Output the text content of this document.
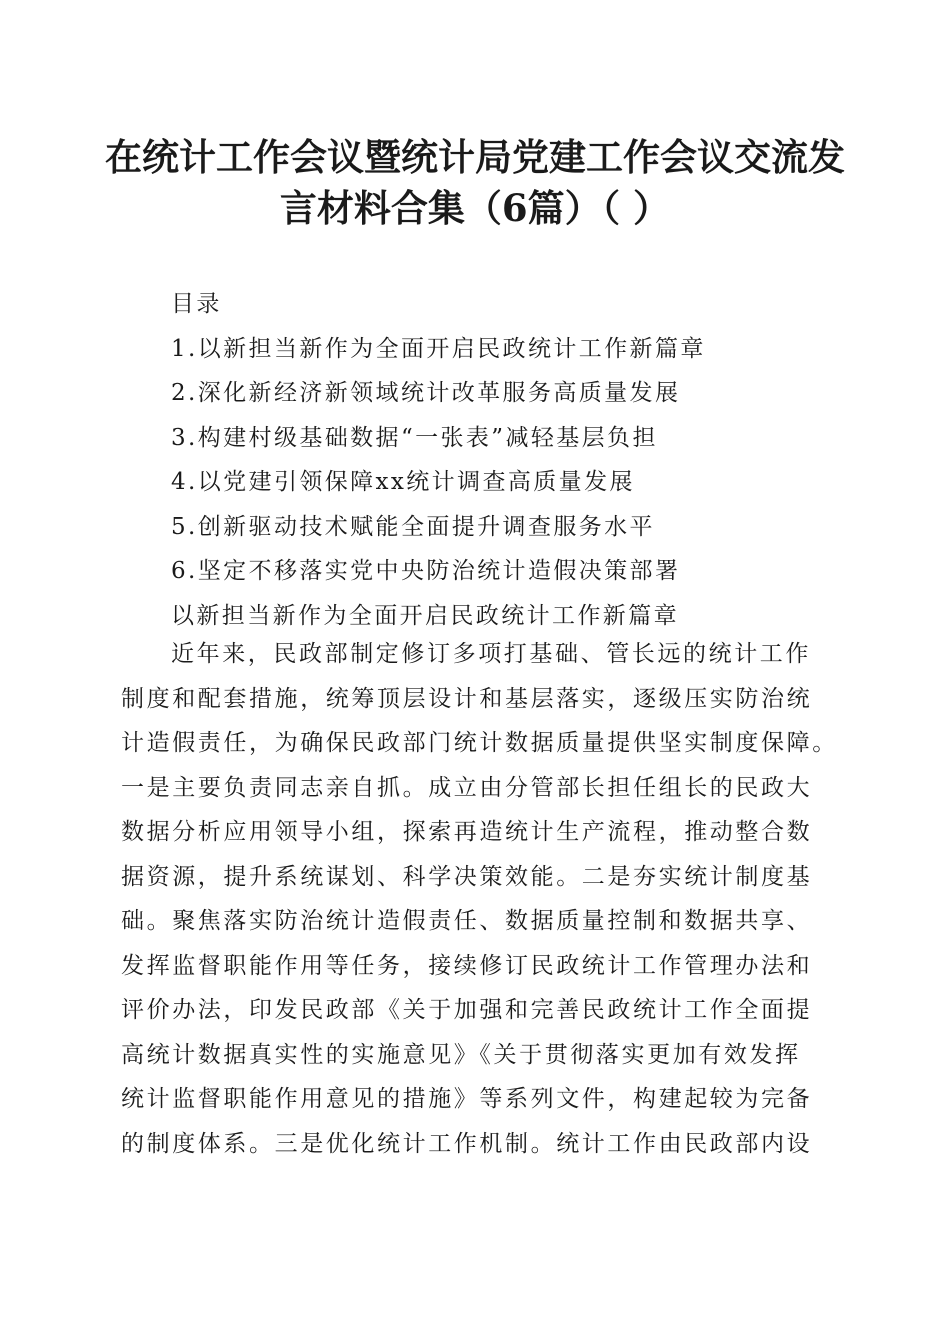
在统计工作会议暨统计局党建工作会议交流发
言材料合集（6篇）（ ）
目录
1.以新担当新作为全面开启民政统计工作新篇章
2.深化新经济新领域统计改革服务高质量发展
3.构建村级基础数据“一张表”减轻基层负担
4.以党建引领保障xx统计调查高质量发展
5.创新驱动技术赋能全面提升调查服务水平
6.坚定不移落实党中央防治统计造假决策部署
以新担当新作为全面开启民政统计工作新篇章

近年来，民政部制定修订多项打基础、管长远的统计工作
制度和配套措施，统筹顶层设计和基层落实，逐级压实防治统
计造假责任，为确保民政部门统计数据质量提供坚实制度保障。
一是主要负责同志亲自抓。成立由分管部长担任组长的民政大
数据分析应用领导小组，探索再造统计生产流程，推动整合数
据资源，提升系统谋划、科学决策效能。二是夯实统计制度基
础。聚焦落实防治统计造假责任、数据质量控制和数据共享、
发挥监督职能作用等任务，接续修订民政统计工作管理办法和
评价办法，印发民政部《关于加强和完善民政统计工作全面提
高统计数据真实性的实施意见》《关于贯彻落实更加有效发挥
统计监督职能作用意见的措施》等系列文件，构建起较为完备
的制度体系。三是优化统计工作机制。统计工作由民政部内设
